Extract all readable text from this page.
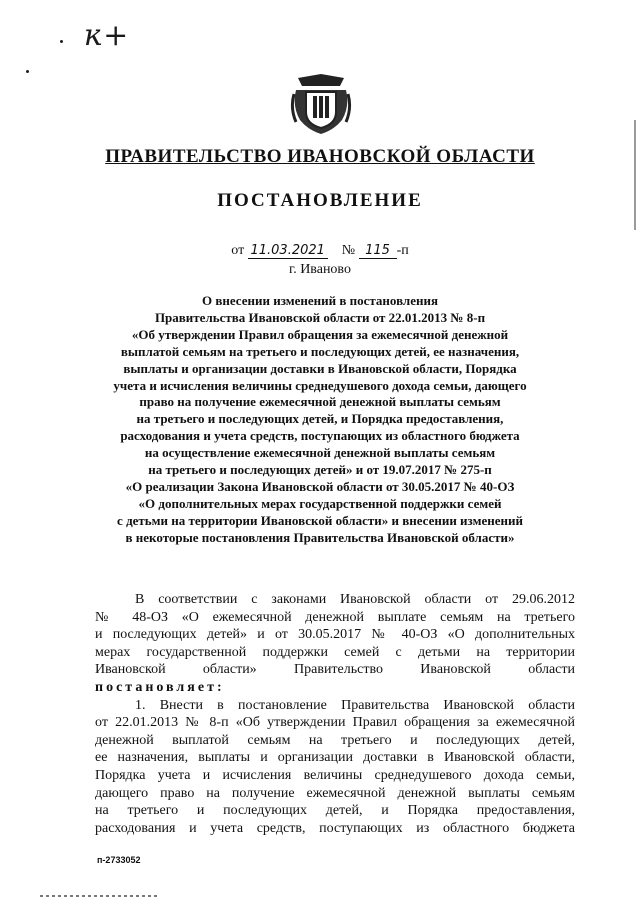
ĸ+
ПРАВИТЕЛЬСТВО ИВАНОВСКОЙ ОБЛАСТИ
ПОСТАНОВЛЕНИЕ
от 11.03.2021 № 115 -п
г. Иваново
О внесении изменений в постановления
Правительства Ивановской области от 22.01.2013 № 8-п
«Об утверждении Правил обращения за ежемесячной денежной
выплатой семьям на третьего и последующих детей, ее назначения,
выплаты и организации доставки в Ивановской области, Порядка
учета и исчисления величины среднедушевого дохода семьи, дающего
право на получение ежемесячной денежной выплаты семьям
на третьего и последующих детей, и Порядка предоставления,
расходования и учета средств, поступающих из областного бюджета
на осуществление ежемесячной денежной выплаты семьям
на третьего и последующих детей» и от 19.07.2017 № 275-п
«О реализации Закона Ивановской области от 30.05.2017 № 40-ОЗ
«О дополнительных мерах государственной поддержки семей
с детьми на территории Ивановской области» и внесении изменений
в некоторые постановления Правительства Ивановской области»
В соответствии с законами Ивановской области от 29.06.2012
№ 48-ОЗ «О ежемесячной денежной выплате семьям на третьего
и последующих детей» и от 30.05.2017 № 40-ОЗ «О дополнительных
мерах государственной поддержки семей с детьми на территории
Ивановской области» Правительство Ивановской области
постановляет:
1. Внести в постановление Правительства Ивановской области
от 22.01.2013 № 8-п «Об утверждении Правил обращения за ежемесячной
денежной выплатой семьям на третьего и последующих детей,
ее назначения, выплаты и организации доставки в Ивановской области,
Порядка учета и исчисления величины среднедушевого дохода семьи,
дающего право на получение ежемесячной денежной выплаты семьям
на третьего и последующих детей, и Порядка предоставления,
расходования и учета средств, поступающих из областного бюджета
п-2733052
